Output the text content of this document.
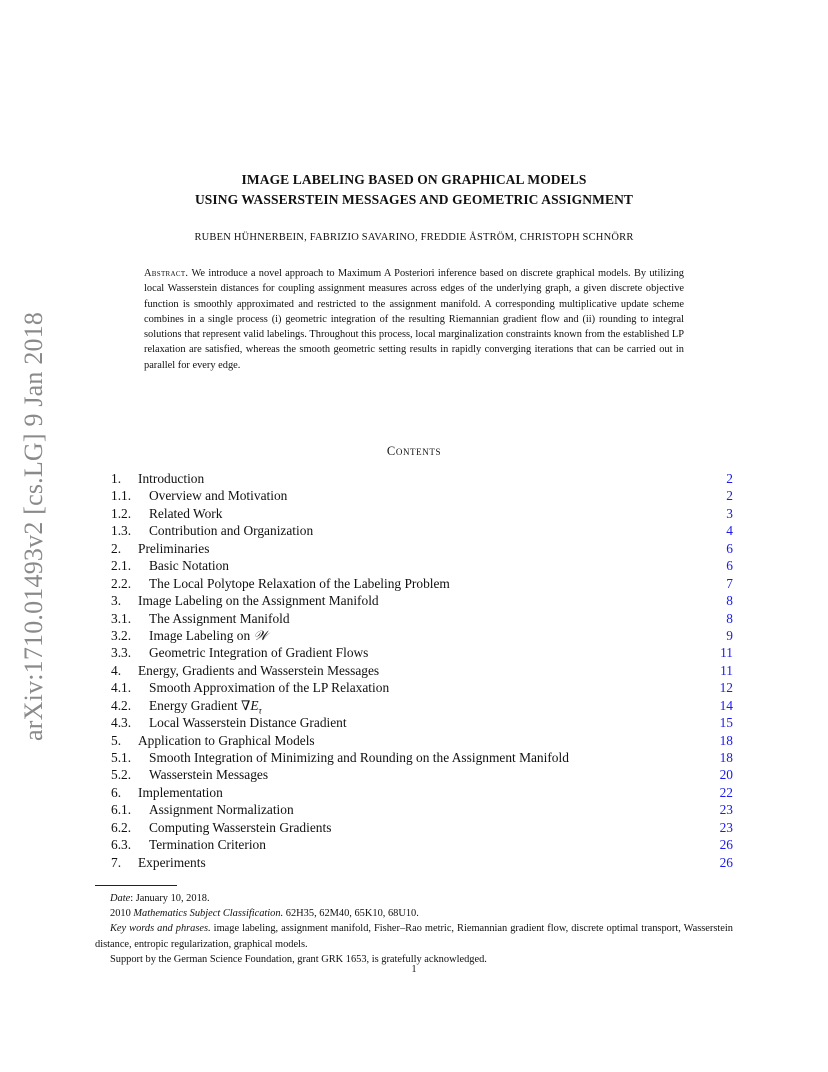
arXiv:1710.01493v2 [cs.LG] 9 Jan 2018
IMAGE LABELING BASED ON GRAPHICAL MODELS
USING WASSERSTEIN MESSAGES AND GEOMETRIC ASSIGNMENT
RUBEN HÜHNERBEIN, FABRIZIO SAVARINO, FREDDIE ÅSTRÖM, CHRISTOPH SCHNÖRR
Abstract. We introduce a novel approach to Maximum A Posteriori inference based on discrete graphical models. By utilizing local Wasserstein distances for coupling assignment measures across edges of the underlying graph, a given discrete objective function is smoothly approximated and restricted to the assignment manifold. A corresponding multiplicative update scheme combines in a single process (i) geometric integration of the resulting Riemannian gradient flow and (ii) rounding to integral solutions that represent valid labelings. Throughout this process, local marginalization constraints known from the established LP relaxation are satisfied, whereas the smooth geometric setting results in rapidly converging iterations that can be carried out in parallel for every edge.
Contents
1. Introduction	2
1.1. Overview and Motivation	2
1.2. Related Work	3
1.3. Contribution and Organization	4
2. Preliminaries	6
2.1. Basic Notation	6
2.2. The Local Polytope Relaxation of the Labeling Problem	7
3. Image Labeling on the Assignment Manifold	8
3.1. The Assignment Manifold	8
3.2. Image Labeling on 𝒲	9
3.3. Geometric Integration of Gradient Flows	11
4. Energy, Gradients and Wasserstein Messages	11
4.1. Smooth Approximation of the LP Relaxation	12
4.2. Energy Gradient $\nabla E_\tau$	14
4.3. Local Wasserstein Distance Gradient	15
5. Application to Graphical Models	18
5.1. Smooth Integration of Minimizing and Rounding on the Assignment Manifold	18
5.2. Wasserstein Messages	20
6. Implementation	22
6.1. Assignment Normalization	23
6.2. Computing Wasserstein Gradients	23
6.3. Termination Criterion	26
7. Experiments	26

Date: January 10, 2018.

2010 Mathematics Subject Classification. 62H35, 62M40, 65K10, 68U10.

Key words and phrases. image labeling, assignment manifold, Fisher–Rao metric, Riemannian gradient flow, discrete optimal transport, Wasserstein distance, entropic regularization, graphical models.

Support by the German Science Foundation, grant GRK 1653, is gratefully acknowledged.

1
